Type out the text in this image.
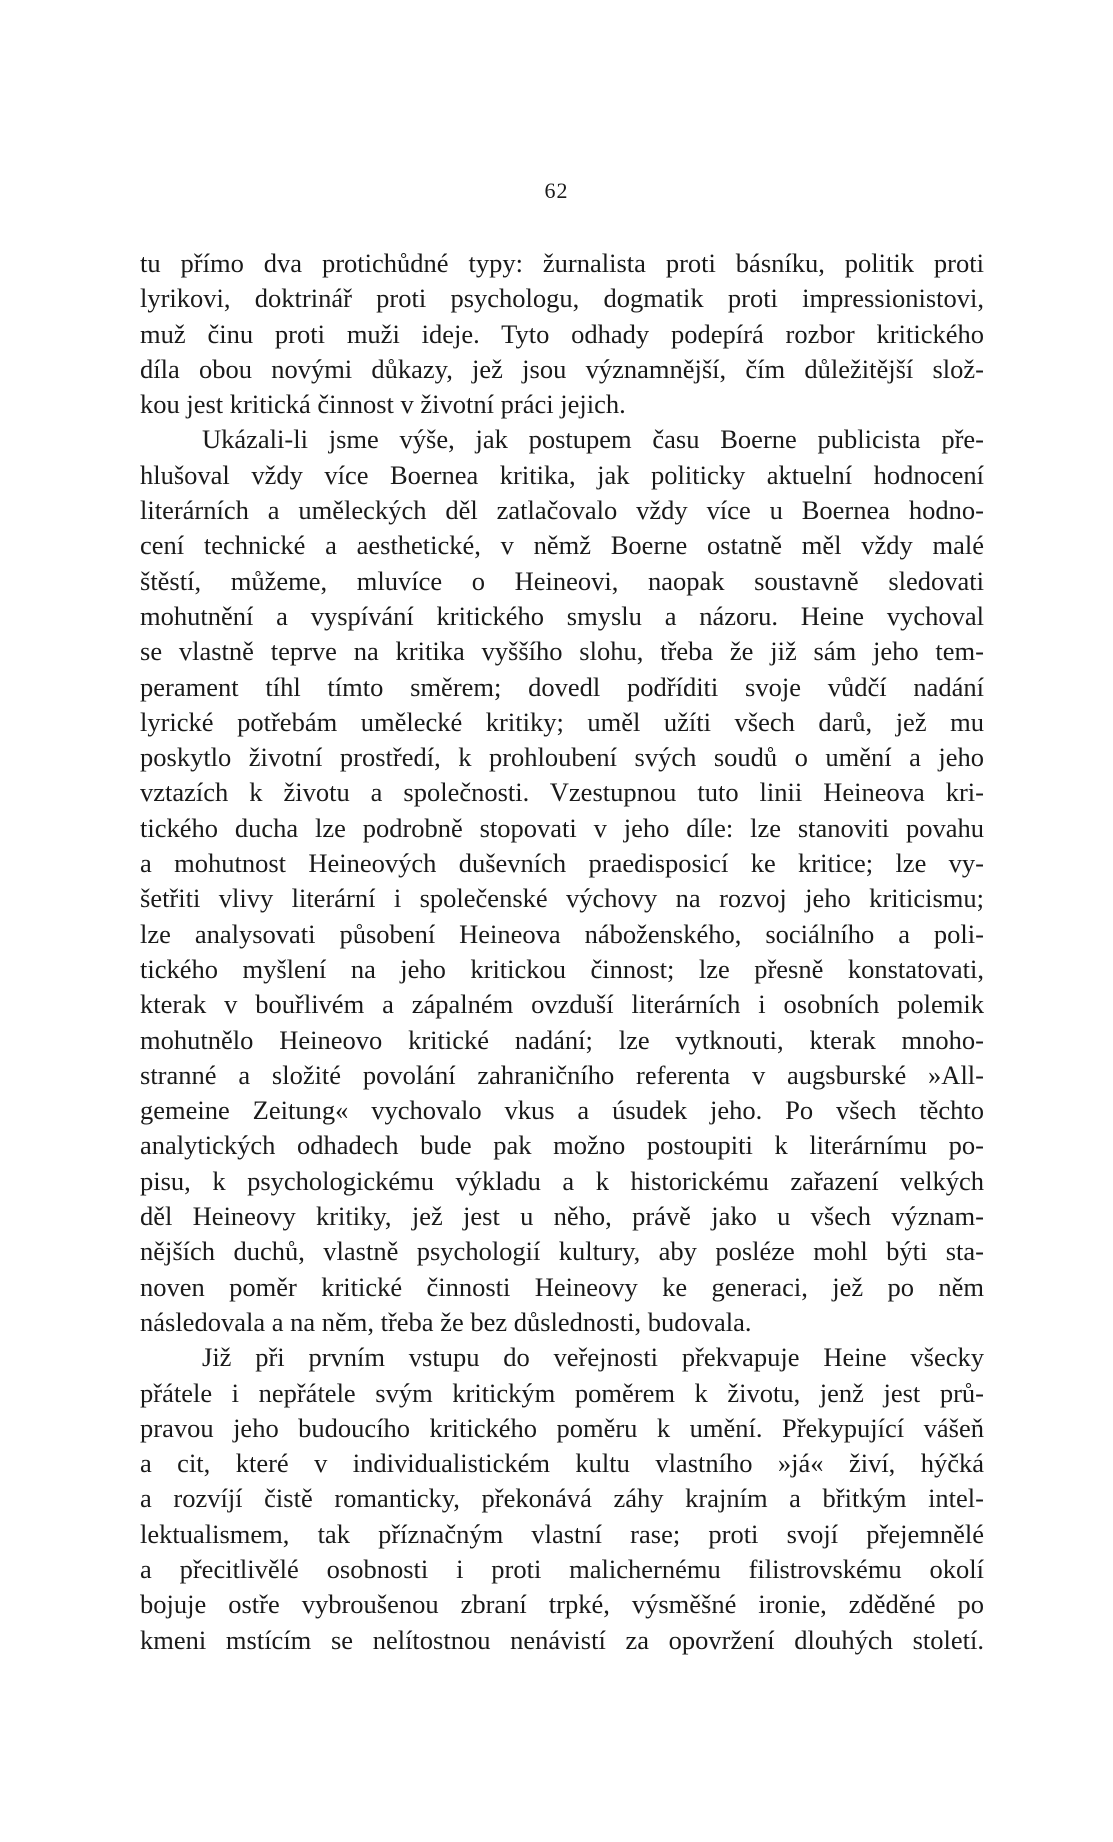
62
tu přímo dva protichůdné typy: žurnalista proti básníku, politik proti
lyrikovi, doktrinář proti psychologu, dogmatik proti impressionistovi,
muž činu proti muži ideje. Tyto odhady podepírá rozbor kritického
díla obou novými důkazy, jež jsou významnější, čím důležitější slož-
kou jest kritická činnost v životní práci jejich.
Ukázali-li jsme výše, jak postupem času Boerne publicista pře-
hlušoval vždy více Boernea kritika, jak politicky aktuelní hodnocení
literárních a uměleckých děl zatlačovalo vždy více u Boernea hodno-
cení technické a aesthetické, v němž Boerne ostatně měl vždy malé
štěstí, můžeme, mluvíce o Heineovi, naopak soustavně sledovati
mohutnění a vyspívání kritického smyslu a názoru. Heine vychoval
se vlastně teprve na kritika vyššího slohu, třeba že již sám jeho tem-
perament tíhl tímto směrem; dovedl podříditi svoje vůdčí nadání
lyrické potřebám umělecké kritiky; uměl užíti všech darů, jež mu
poskytlo životní prostředí, k prohloubení svých soudů o umění a jeho
vztazích k životu a společnosti. Vzestupnou tuto linii Heineova kri-
tického ducha lze podrobně stopovati v jeho díle: lze stanoviti povahu
a mohutnost Heineových duševních praedisposicí ke kritice; lze vy-
šetřiti vlivy literární i společenské výchovy na rozvoj jeho kriticismu;
lze analysovati působení Heineova náboženského, sociálního a poli-
tického myšlení na jeho kritickou činnost; lze přesně konstatovati,
kterak v bouřlivém a zápalném ovzduší literárních i osobních polemik
mohutnělo Heineovo kritické nadání; lze vytknouti, kterak mnoho-
stranné a složité povolání zahraničního referenta v augsburské »All-
gemeine Zeitung« vychovalo vkus a úsudek jeho. Po všech těchto
analytických odhadech bude pak možno postoupiti k literárnímu po-
pisu, k psychologickému výkladu a k historickému zařazení velkých
děl Heineovy kritiky, jež jest u něho, právě jako u všech význam-
nějších duchů, vlastně psychologií kultury, aby posléze mohl býti sta-
noven poměr kritické činnosti Heineovy ke generaci, jež po něm
následovala a na něm, třeba že bez důslednosti, budovala.
Již při prvním vstupu do veřejnosti překvapuje Heine všecky
přátele i nepřátele svým kritickým poměrem k životu, jenž jest prů-
pravou jeho budoucího kritického poměru k umění. Překypující vášeň
a cit, které v individualistickém kultu vlastního »já« živí, hýčká
a rozvíjí čistě romanticky, překonává záhy krajním a břitkým intel-
lektualismem, tak příznačným vlastní rase; proti svojí přejemnělé
a přecitlivělé osobnosti i proti malichernému filistrovskému okolí
bojuje ostře vybroušenou zbraní trpké, výsměšné ironie, zděděné po
kmeni mstícím se nelítostnou nenávistí za opovržení dlouhých století.
